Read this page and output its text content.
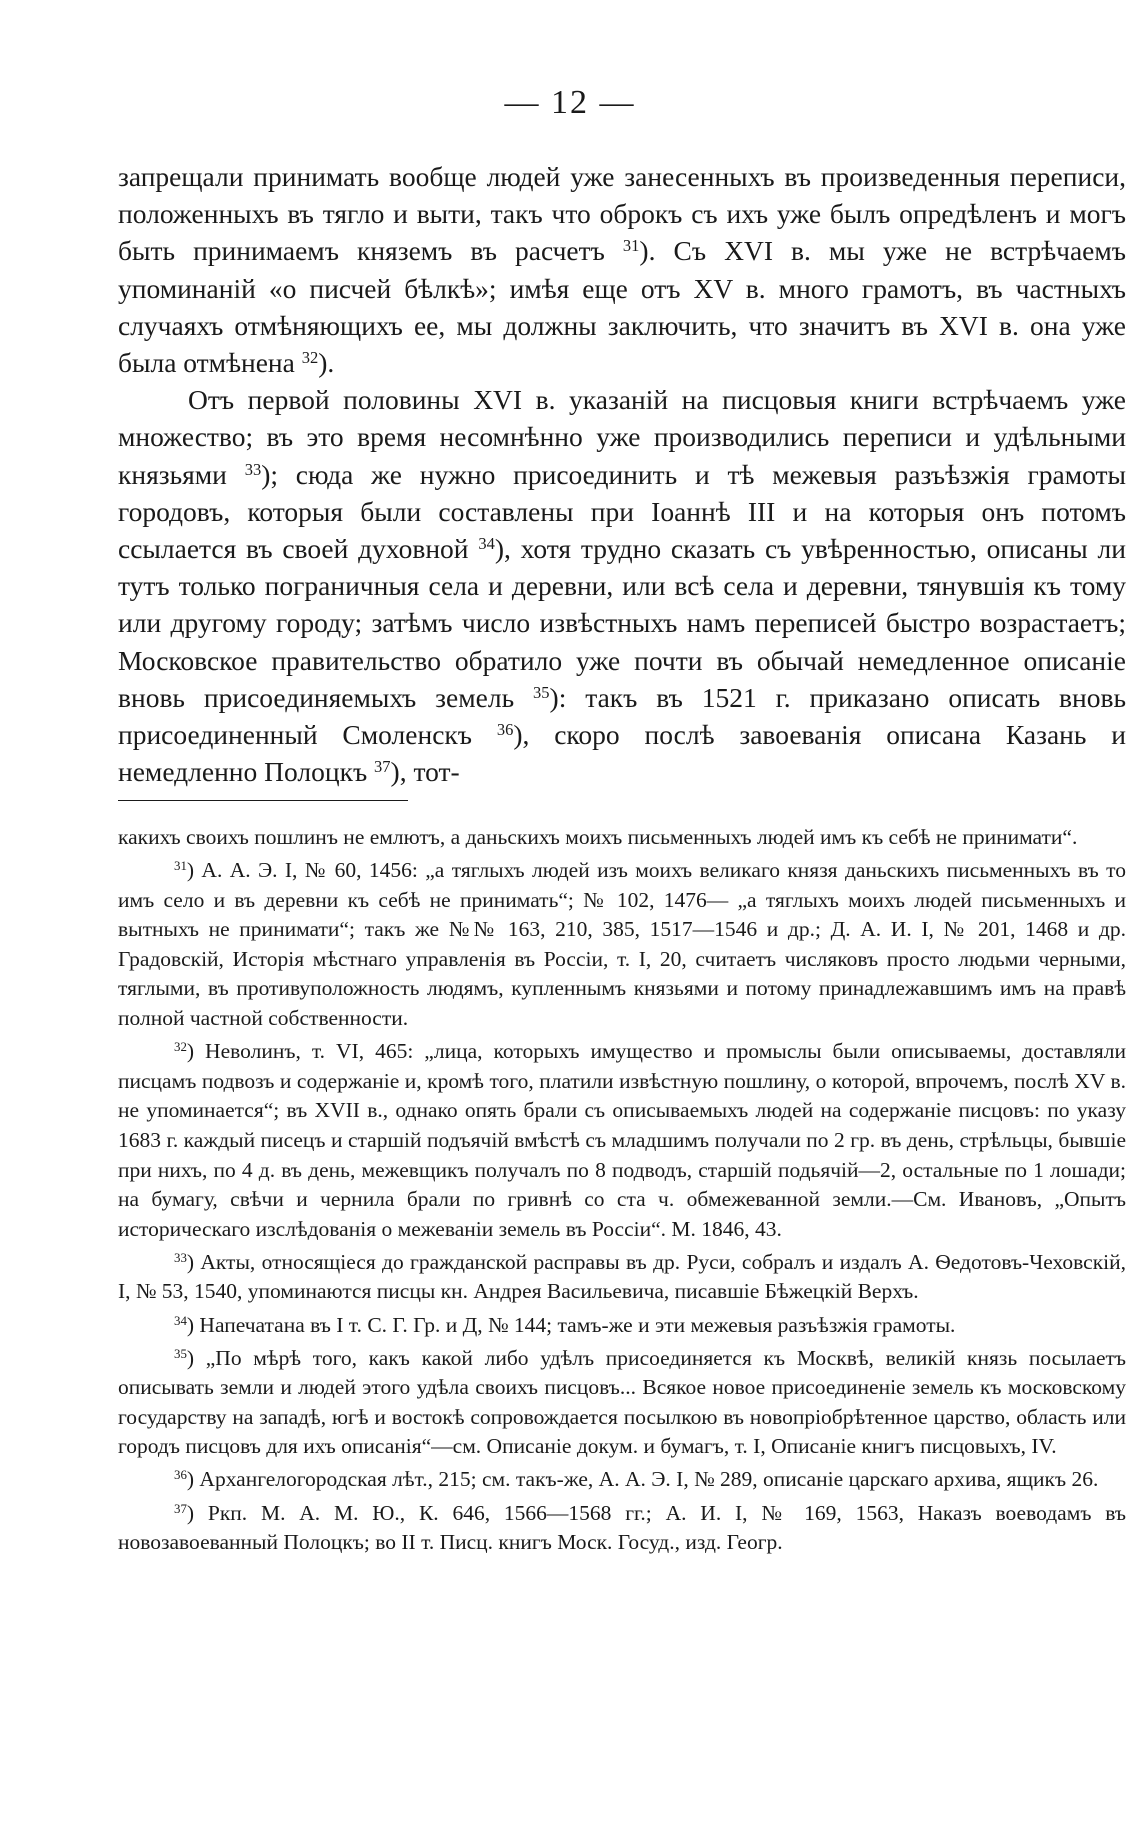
— 12 —

запрещали принимать вообще людей уже занесенныхъ въ произведенныя переписи, положенныхъ въ тягло и выти, такъ что оброкъ съ ихъ уже былъ опредѣленъ и могъ быть принимаемъ княземъ въ расчетъ $^{31}$). Съ XVI в. мы уже не встрѣчаемъ упоминаній «о писчей бѣлкѣ»; имѣя еще отъ XV в. много грамотъ, въ частныхъ случаяхъ отмѣняющихъ ее, мы должны заключить, что значитъ въ XVI в. она уже была отмѣнена $^{32}$).

Отъ первой половины XVI в. указаній на писцовыя книги встрѣчаемъ уже множество; въ это время несомнѣнно уже производились переписи и удѣльными князьями $^{33}$); сюда же нужно присоединить и тѣ межевыя разъѣзжія грамоты городовъ, которыя были составлены при Іоаннѣ III и на которыя онъ потомъ ссылается въ своей духовной $^{34}$), хотя трудно сказать съ увѣренностью, описаны ли тутъ только пограничныя села и деревни, или всѣ села и деревни, тянувшія къ тому или другому городу; затѣмъ число извѣстныхъ намъ переписей быстро возрастаетъ; Московское правительство обратило уже почти въ обычай немедленное описаніе вновь присоединяемыхъ земель $^{35}$): такъ въ 1521 г. приказано описать вновь присоединенный Смоленскъ $^{36}$), скоро послѣ завоеванія описана Казань и немедленно Полоцкъ $^{37}$), тот-

какихъ своихъ пошлинъ не емлютъ, а даньскихъ моихъ письменныхъ людей имъ къ себѣ не принимати“.

$^{31}$) А. А. Э. I, № 60, 1456: „а тяглыхъ людей изъ моихъ великаго князя даньскихъ письменныхъ въ то имъ село и въ деревни къ себѣ не принимать“; № 102, 1476— „а тяглыхъ моихъ людей письменныхъ и вытныхъ не принимати“; такъ же №№ 163, 210, 385, 1517—1546 и др.; Д. А. И. I, № 201, 1468 и др. Градовскій, Исторія мѣстнаго управленія въ Россіи, т. I, 20, считаетъ числяковъ просто людьми черными, тяглыми, въ противуположность людямъ, купленнымъ князьями и потому принадлежавшимъ имъ на правѣ полной частной собственности.

$^{32}$) Неволинъ, т. VI, 465: „лица, которыхъ имущество и промыслы были описываемы, доставляли писцамъ подвозъ и содержаніе и, кромѣ того, платили извѣстную пошлину, о которой, впрочемъ, послѣ XV в. не упоминается“; въ XVII в., однако опять брали съ описываемыхъ людей на содержаніе писцовъ: по указу 1683 г. каждый писецъ и старшій подъячій вмѣстѣ съ младшимъ получали по 2 гр. въ день, стрѣльцы, бывшіе при нихъ, по 4 д. въ день, межевщикъ получалъ по 8 подводъ, старшій подьячій—2, остальные по 1 лошади; на бумагу, свѣчи и чернила брали по гривнѣ со ста ч. обмежеванной земли.—См. Ивановъ, „Опытъ историческаго изслѣдованія о межеваніи земель въ Россіи“. М. 1846, 43.

$^{33}$) Акты, относящіеся до гражданской расправы въ др. Руси, собралъ и издалъ А. Ѳедотовъ-Чеховскій, I, № 53, 1540, упоминаются писцы кн. Андрея Васильевича, писавшіе Бѣжецкій Верхъ.

$^{34}$) Напечатана въ I т. С. Г. Гр. и Д, № 144; тамъ-же и эти межевыя разъѣзжія грамоты.

$^{35}$) „По мѣрѣ того, какъ какой либо удѣлъ присоединяется къ Москвѣ, великій князь посылаетъ описывать земли и людей этого удѣла своихъ писцовъ... Всякое новое присоединеніе земель къ московскому государству на западѣ, югѣ и востокѣ сопровождается посылкою въ новопріобрѣтенное царство, область или городъ писцовъ для ихъ описанія“—см. Описаніе докум. и бумагъ, т. I, Описаніе книгъ писцовыхъ, IV.

$^{36}$) Архангелогородская лѣт., 215; см. такъ-же, А. А. Э. I, № 289, описаніе царскаго архива, ящикъ 26.

$^{37}$) Ркп. М. А. М. Ю., К. 646, 1566—1568 гг.; А. И. I, № 169, 1563, Наказъ воеводамъ въ новозавоеванный Полоцкъ; во II т. Писц. книгъ Моск. Госуд., изд. Геогр.
